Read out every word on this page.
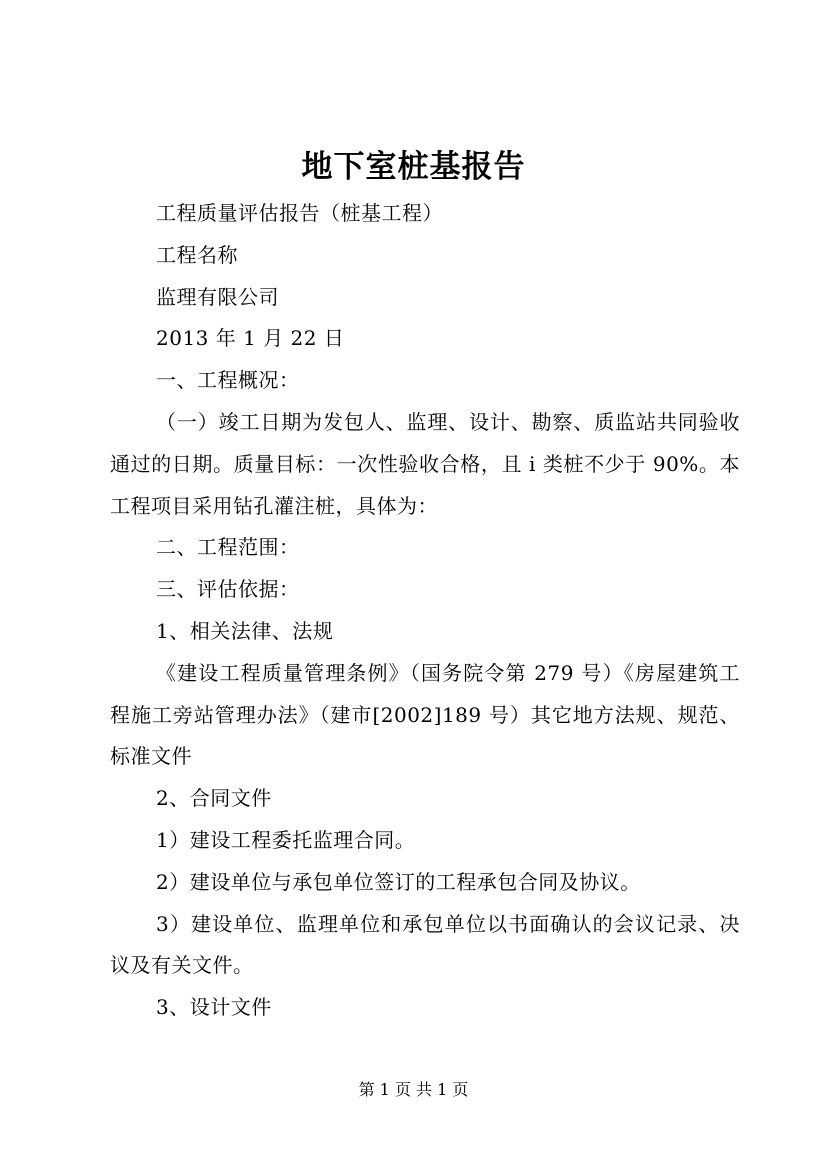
地下室桩基报告

工程质量评估报告（桩基工程）

工程名称

监理有限公司

2013 年 1 月 22 日

一、工程概况：

（一）竣工日期为发包人、监理、设计、勘察、质监站共同验收通过的日期。质量目标：一次性验收合格，且 i 类桩不少于 90%。本工程项目采用钻孔灌注桩，具体为：

二、工程范围：

三、评估依据：

1、相关法律、法规

《建设工程质量管理条例》（国务院令第 279 号）《房屋建筑工程施工旁站管理办法》（建市[2002]189 号）其它地方法规、规范、标准文件

2、合同文件

1）建设工程委托监理合同。

2）建设单位与承包单位签订的工程承包合同及协议。

3）建设单位、监理单位和承包单位以书面确认的会议记录、决议及有关文件。

3、设计文件

第 1 页 共 1 页
